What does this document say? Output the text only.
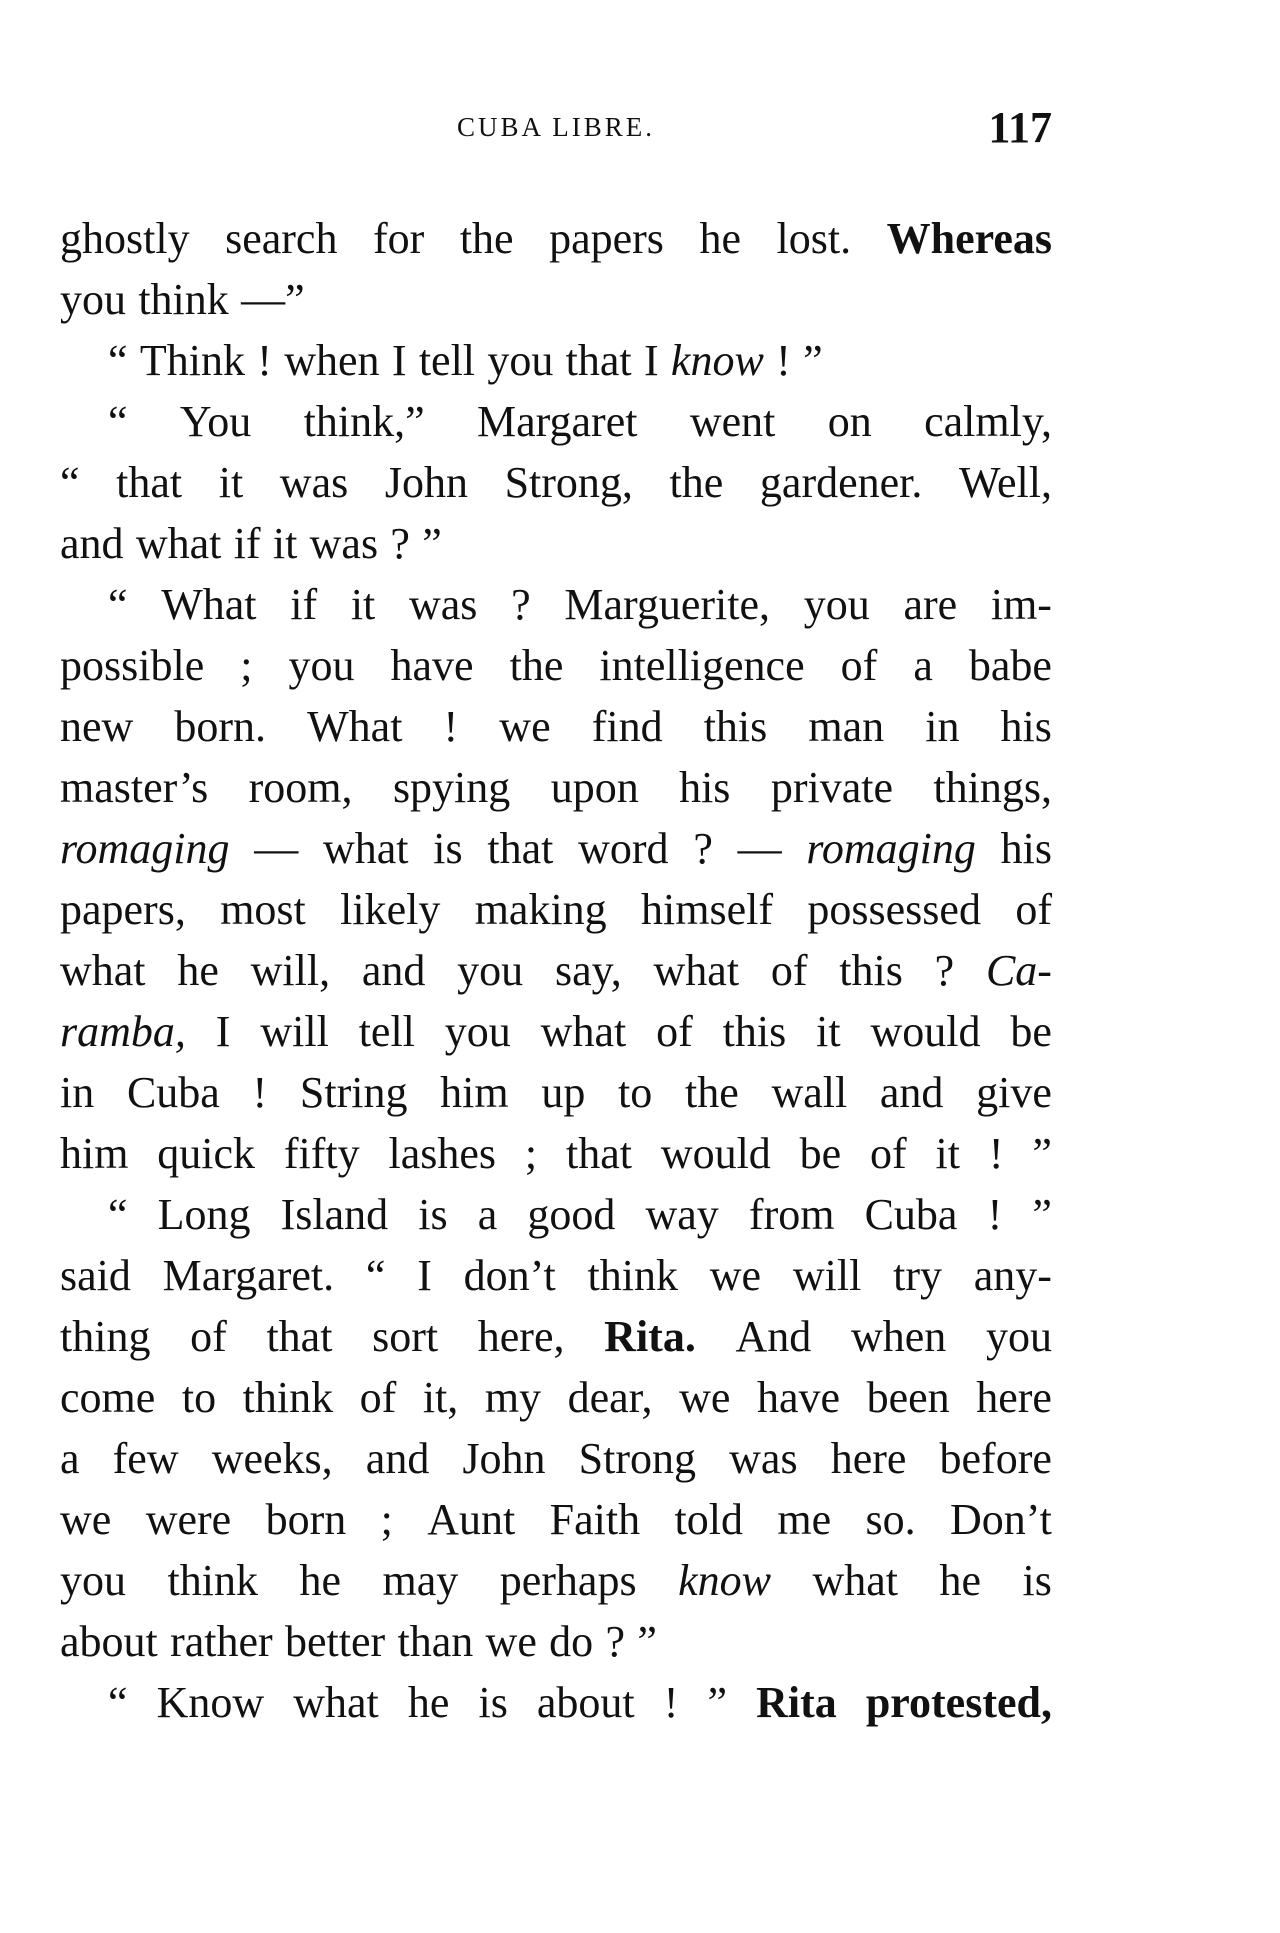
CUBA LIBRE.	117
ghostly search for the papers he lost. Whereas
you think —”
“ Think ! when I tell you that I know ! ”
“ You think,” Margaret went on calmly,
“ that it was John Strong, the gardener. Well,
and what if it was ? ”
“ What if it was ? Marguerite, you are im-
possible ; you have the intelligence of a babe
new born. What ! we find this man in his
master’s room, spying upon his private things,
romaging — what is that word ? — romaging his
papers, most likely making himself possessed of
what he will, and you say, what of this ? Ca-
ramba, I will tell you what of this it would be
in Cuba ! String him up to the wall and give
him quick fifty lashes ; that would be of it ! ”
“ Long Island is a good way from Cuba ! ”
said Margaret. “ I don’t think we will try any-
thing of that sort here, Rita. And when you
come to think of it, my dear, we have been here
a few weeks, and John Strong was here before
we were born ; Aunt Faith told me so. Don’t
you think he may perhaps know what he is
about rather better than we do ? ”
“ Know what he is about ! ” Rita protested,
